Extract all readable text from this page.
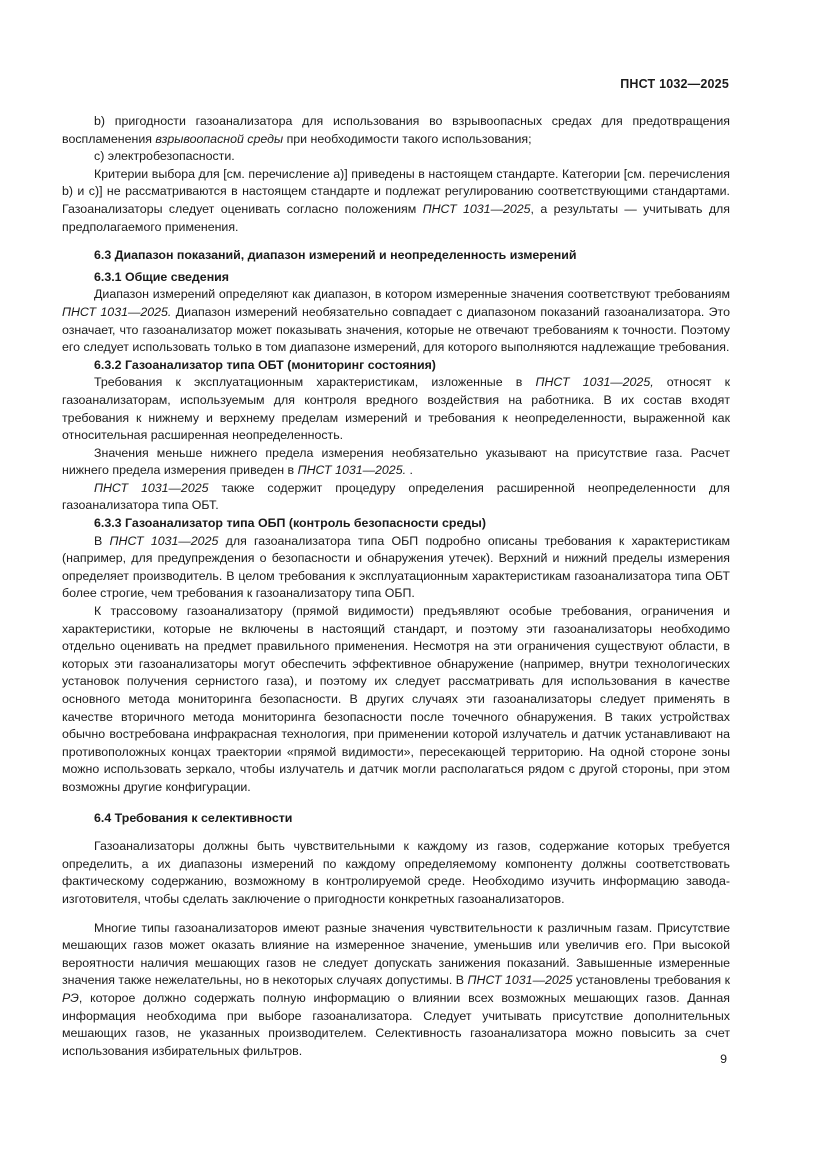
ПНСТ 1032—2025

b) пригодности газоанализатора для использования во взрывоопасных средах для предотвращения воспламенения взрывоопасной среды при необходимости такого использования;

c) электробезопасности.

Критерии выбора для [см. перечисление a)] приведены в настоящем стандарте. Категории [см. перечисления b) и c)] не рассматриваются в настоящем стандарте и подлежат регулированию соответствующими стандартами. Газоанализаторы следует оценивать согласно положениям ПНСТ 1031—2025, а результаты — учитывать для предполагаемого применения.

6.3 Диапазон показаний, диапазон измерений и неопределенность измерений
6.3.1 Общие сведения

Диапазон измерений определяют как диапазон, в котором измеренные значения соответствуют требованиям ПНСТ 1031—2025. Диапазон измерений необязательно совпадает с диапазоном показаний газоанализатора. Это означает, что газоанализатор может показывать значения, которые не отвечают требованиям к точности. Поэтому его следует использовать только в том диапазоне измерений, для которого выполняются надлежащие требования.

6.3.2 Газоанализатор типа ОБТ (мониторинг состояния)

Требования к эксплуатационным характеристикам, изложенные в ПНСТ 1031—2025, относят к газоанализаторам, используемым для контроля вредного воздействия на работника. В их состав входят требования к нижнему и верхнему пределам измерений и требования к неопределенности, выраженной как относительная расширенная неопределенность.

Значения меньше нижнего предела измерения необязательно указывают на присутствие газа. Расчет нижнего предела измерения приведен в ПНСТ 1031—2025. .

ПНСТ 1031—2025 также содержит процедуру определения расширенной неопределенности для газоанализатора типа ОБТ.

6.3.3 Газоанализатор типа ОБП (контроль безопасности среды)

В ПНСТ 1031—2025 для газоанализатора типа ОБП подробно описаны требования к характеристикам (например, для предупреждения о безопасности и обнаружения утечек). Верхний и нижний пределы измерения определяет производитель. В целом требования к эксплуатационным характеристикам газоанализатора типа ОБТ более строгие, чем требования к газоанализатору типа ОБП.

К трассовому газоанализатору (прямой видимости) предъявляют особые требования, ограничения и характеристики, которые не включены в настоящий стандарт, и поэтому эти газоанализаторы необходимо отдельно оценивать на предмет правильного применения. Несмотря на эти ограничения существуют области, в которых эти газоанализаторы могут обеспечить эффективное обнаружение (например, внутри технологических установок получения сернистого газа), и поэтому их следует рассматривать для использования в качестве основного метода мониторинга безопасности. В других случаях эти газоанализаторы следует применять в качестве вторичного метода мониторинга безопасности после точечного обнаружения. В таких устройствах обычно востребована инфракрасная технология, при применении которой излучатель и датчик устанавливают на противоположных концах траектории «прямой видимости», пересекающей территорию. На одной стороне зоны можно использовать зеркало, чтобы излучатель и датчик могли располагаться рядом с другой стороны, при этом возможны другие конфигурации.

6.4 Требования к селективности

Газоанализаторы должны быть чувствительными к каждому из газов, содержание которых требуется определить, а их диапазоны измерений по каждому определяемому компоненту должны соответствовать фактическому содержанию, возможному в контролируемой среде. Необходимо изучить информацию завода-изготовителя, чтобы сделать заключение о пригодности конкретных газоанализаторов.

Многие типы газоанализаторов имеют разные значения чувствительности к различным газам. Присутствие мешающих газов может оказать влияние на измеренное значение, уменьшив или увеличив его. При высокой вероятности наличия мешающих газов не следует допускать занижения показаний. Завышенные измеренные значения также нежелательны, но в некоторых случаях допустимы. В ПНСТ 1031—2025 установлены требования к РЭ, которое должно содержать полную информацию о влиянии всех возможных мешающих газов. Данная информация необходима при выборе газоанализатора. Следует учитывать присутствие дополнительных мешающих газов, не указанных производителем. Селективность газоанализатора можно повысить за счет использования избирательных фильтров.

9
